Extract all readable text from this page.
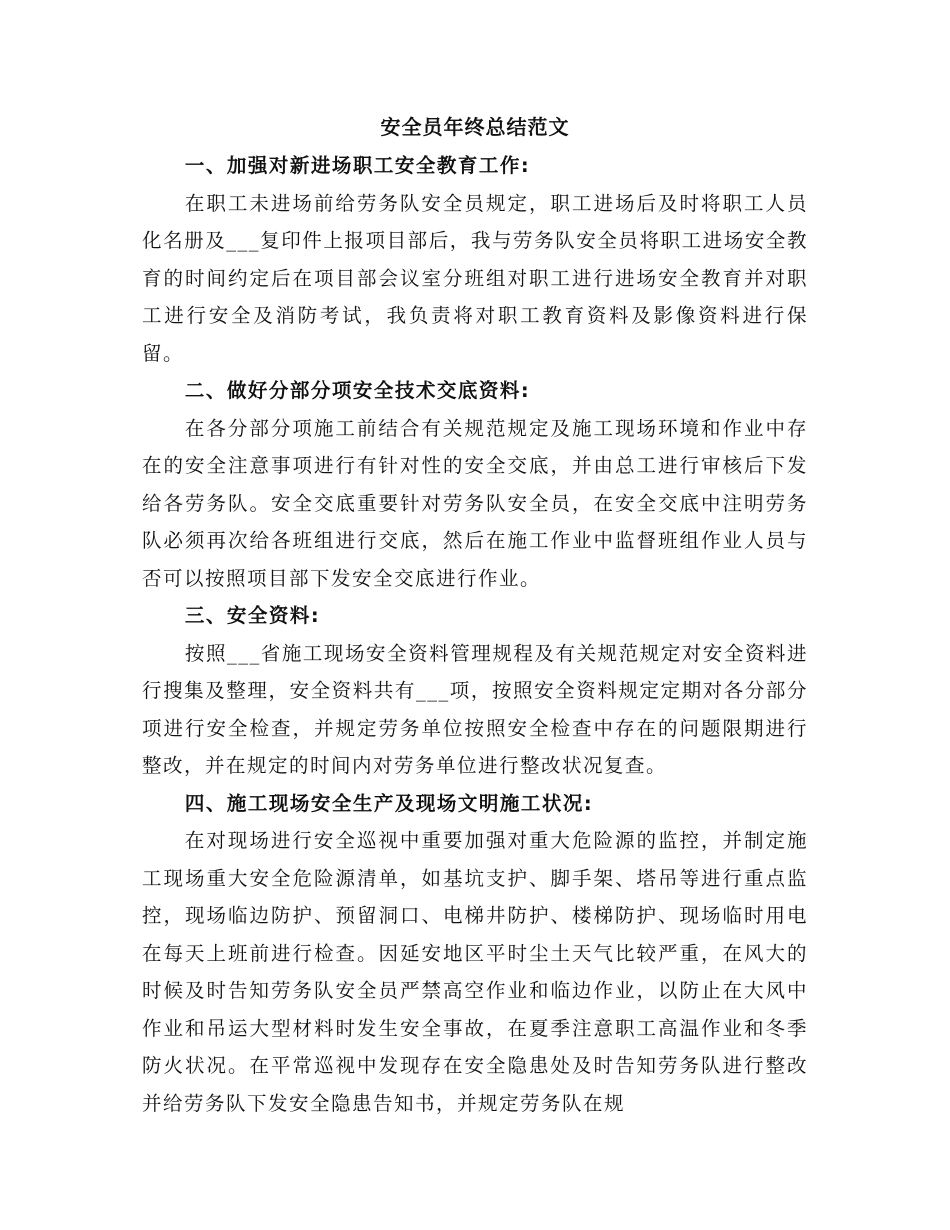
安全员年终总结范文

一、加强对新进场职工安全教育工作:

在职工未进场前给劳务队安全员规定，职工进场后及时将职工人员化名册及___复印件上报项目部后，我与劳务队安全员将职工进场安全教育的时间约定后在项目部会议室分班组对职工进行进场安全教育并对职工进行安全及消防考试，我负责将对职工教育资料及影像资料进行保留。

二、做好分部分项安全技术交底资料:

在各分部分项施工前结合有关规范规定及施工现场环境和作业中存在的安全注意事项进行有针对性的安全交底，并由总工进行审核后下发给各劳务队。安全交底重要针对劳务队安全员，在安全交底中注明劳务队必须再次给各班组进行交底，然后在施工作业中监督班组作业人员与否可以按照项目部下发安全交底进行作业。

三、安全资料:

按照___省施工现场安全资料管理规程及有关规范规定对安全资料进行搜集及整理，安全资料共有___项，按照安全资料规定定期对各分部分项进行安全检查，并规定劳务单位按照安全检查中存在的问题限期进行整改，并在规定的时间内对劳务单位进行整改状况复查。

四、施工现场安全生产及现场文明施工状况:

在对现场进行安全巡视中重要加强对重大危险源的监控，并制定施工现场重大安全危险源清单，如基坑支护、脚手架、塔吊等进行重点监控，现场临边防护、预留洞口、电梯井防护、楼梯防护、现场临时用电在每天上班前进行检查。因延安地区平时尘土天气比较严重，在风大的时候及时告知劳务队安全员严禁高空作业和临边作业，以防止在大风中作业和吊运大型材料时发生安全事故，在夏季注意职工高温作业和冬季防火状况。在平常巡视中发现存在安全隐患处及时告知劳务队进行整改并给劳务队下发安全隐患告知书，并规定劳务队在规
